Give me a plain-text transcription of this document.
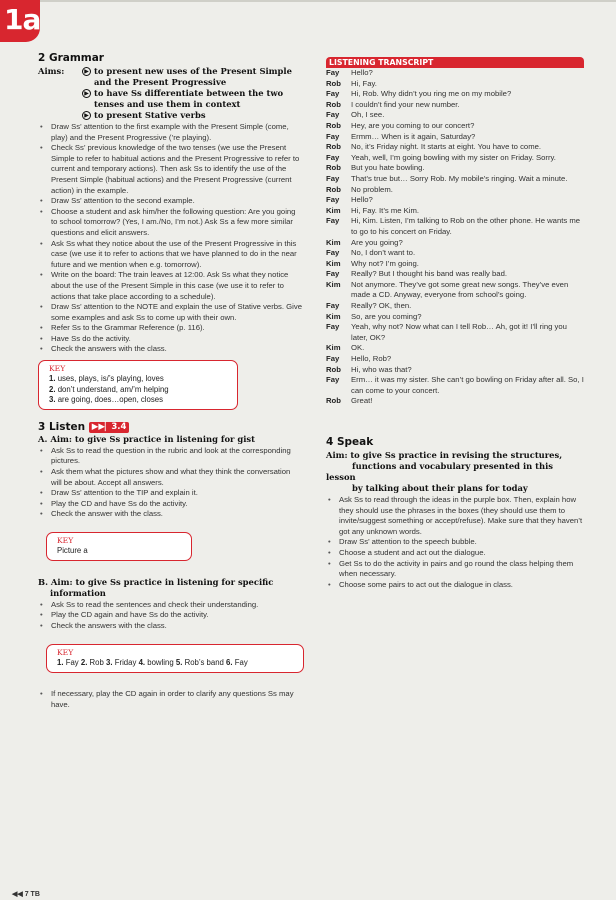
1a
2 Grammar
Aims:	▶ to present new uses of the Present Simple and the Present Progressive
▶ to have Ss differentiate between the two tenses and use them in context
▶ to present Stative verbs
• Draw Ss’ attention to the first example with the Present Simple (come, play) and the Present Progressive (’re playing).
• Check Ss’ previous knowledge of the two tenses (we use the Present Simple to refer to habitual actions and the Present Progressive to refer to current and temporary actions). Then ask Ss to identify the use of the Present Simple (habitual actions) and the Present Progressive (current action) in the example.
• Draw Ss’ attention to the second example.
• Choose a student and ask him/her the following question: Are you going to school tomorrow? (Yes, I am./No, I’m not.) Ask Ss a few more similar questions and elicit answers.
• Ask Ss what they notice about the use of the Present Progressive in this case (we use it to refer to actions that we have planned to do in the near future and we mention when e.g. tomorrow).
• Write on the board: The train leaves at 12:00. Ask Ss what they notice about the use of the Present Simple in this case (we use it to refer to actions that take place according to a schedule).
• Draw Ss’ attention to the NOTE and explain the use of Stative verbs. Give some examples and ask Ss to come up with their own.
• Refer Ss to the Grammar Reference (p. 116).
• Have Ss do the activity.
• Check the answers with the class.
KEY
1. uses, plays, is/’s playing, loves
2. don’t understand, am/’m helping
3. are going, does…open, closes
3 Listen ▶▶▏3.4
A. Aim: to give Ss practice in listening for gist
• Ask Ss to read the question in the rubric and look at the corresponding pictures.
• Ask them what the pictures show and what they think the conversation will be about. Accept all answers.
• Draw Ss’ attention to the TIP and explain it.
• Play the CD and have Ss do the activity.
• Check the answer with the class.
KEY
Picture a
B. Aim: to give Ss practice in listening for specific
information
• Ask Ss to read the sentences and check their understanding.
• Play the CD again and have Ss do the activity.
• Check the answers with the class.
KEY
1. Fay 2. Rob 3. Friday 4. bowling 5. Rob’s band 6. Fay
• If necessary, play the CD again in order to clarify any questions Ss may have.
LISTENING TRANSCRIPT
Fay	Hello?
Rob	Hi, Fay.
Fay	Hi, Rob. Why didn’t you ring me on my mobile?
Rob	I couldn’t find your new number.
Fay	Oh, I see.
Rob	Hey, are you coming to our concert?
Fay	Ermm… When is it again, Saturday?
Rob	No, it’s Friday night. It starts at eight. You have to come.
Fay	Yeah, well, I’m going bowling with my sister on Friday. Sorry.
Rob	But you hate bowling.
Fay	That’s true but… Sorry Rob. My mobile’s ringing. Wait a minute.
Rob	No problem.
Fay	Hello?
Kim	Hi, Fay. It’s me Kim.
Fay	Hi, Kim. Listen, I’m talking to Rob on the other phone. He wants me to go to his concert on Friday.
Kim	Are you going?
Fay	No, I don’t want to.
Kim	Why not? I’m going.
Fay	Really? But I thought his band was really bad.
Kim	Not anymore. They’ve got some great new songs. They’ve even made a CD. Anyway, everyone from school’s going.
Fay	Really? OK, then.
Kim	So, are you coming?
Fay	Yeah, why not? Now what can I tell Rob… Ah, got it! I’ll ring you later, OK?
Kim	OK.
Fay	Hello, Rob?
Rob	Hi, who was that?
Fay	Erm… it was my sister. She can’t go bowling on Friday after all. So, I can come to your concert.
Rob	Great!
4 Speak
Aim: to give Ss practice in revising the structures,
functions and vocabulary presented in this lesson
by talking about their plans for today
• Ask Ss to read through the ideas in the purple box. Then, explain how they should use the phrases in the boxes (they should use them to invite/suggest something or accept/refuse). Make sure that they haven’t got any unknown words.
• Draw Ss’ attention to the speech bubble.
• Choose a student and act out the dialogue.
• Get Ss to do the activity in pairs and go round the class helping them when necessary.
• Choose some pairs to act out the dialogue in class.
◀◀ 7 TB
